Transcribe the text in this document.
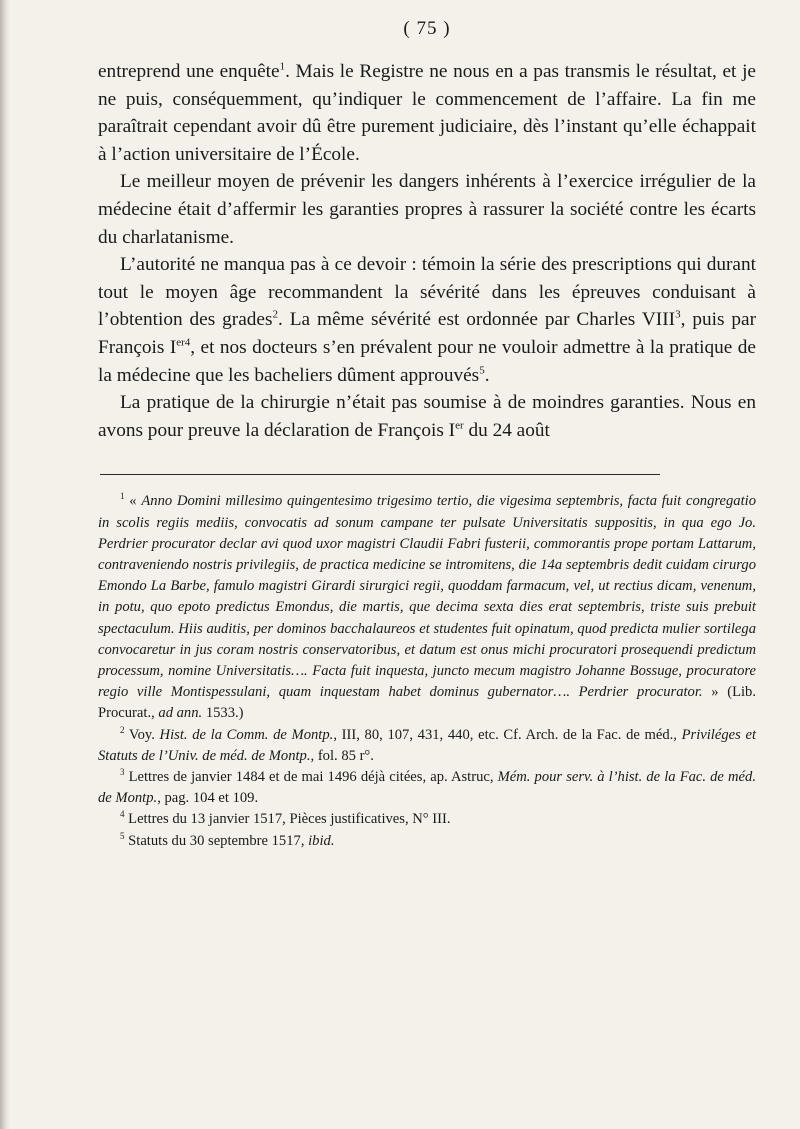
( 75 )

entreprend une enquête$^1$. Mais le Registre ne nous en a pas transmis le résultat, et je ne puis, conséquemment, qu’indiquer le commencement de l’affaire. La fin me paraîtrait cependant avoir dû être purement judiciaire, dès l’instant qu’elle échappait à l’action universitaire de l’École.

Le meilleur moyen de prévenir les dangers inhérents à l’exercice irrégulier de la médecine était d’affermir les garanties propres à rassurer la société contre les écarts du charlatanisme.

L’autorité ne manqua pas à ce devoir : témoin la série des prescriptions qui durant tout le moyen âge recommandent la sévérité dans les épreuves conduisant à l’obtention des grades$^2$. La même sévérité est ordonnée par Charles VIII$^3$, puis par François $I^{er4}$, et nos docteurs s’en prévalent pour ne vouloir admettre à la pratique de la médecine que les bacheliers dûment approuvés$^5$.

La pratique de la chirurgie n’était pas soumise à de moindres garanties. Nous en avons pour preuve la déclaration de François Ier du 24 août

$^1$ « Anno Domini millesimo quingentesimo trigesimo tertio, die vigesima septembris, facta fuit congregatio in scolis regiis mediis, convocatis ad sonum campane ter pulsate Universitatis suppositis, in qua ego Jo. Perdrier procurator declar avi quod uxor magistri Claudii Fabri fusterii, commorantis prope portam Lattarum, contraveniendo nostris privilegiis, de practica medicine se intromitens, die 14a septembris dedit cuidam cirurgo Emondo La Barbe, famulo magistri Girardi sirurgici regii, quoddam farmacum, vel, ut rectius dicam, venenum, in potu, quo epoto predictus Emondus, die martis, que decima sexta dies erat septembris, triste suis prebuit spectaculum. Hiis auditis, per dominos bacchalaureos et studentes fuit opinatum, quod predicta mulier sortilega convocaretur in jus coram nostris conservatoribus, et datum est onus michi procuratori prosequendi predictum processum, nomine Universitatis…. Facta fuit inquesta, juncto mecum magistro Johanne Bossuge, procuratore regio ville Montispessulani, quam inquestam habet dominus gubernator…. Perdrier procurator. » (Lib. Procurat., ad ann. 1533.)

$^2$ Voy. Hist. de la Comm. de Montp., III, 80, 107, 431, 440, etc. Cf. Arch. de la Fac. de méd., Priviléges et Statuts de l’Univ. de méd. de Montp., fol. 85 r°.

$^3$ Lettres de janvier 1484 et de mai 1496 déjà citées, ap. Astruc, Mém. pour serv. à l’hist. de la Fac. de méd. de Montp., pag. 104 et 109.

$^4$ Lettres du 13 janvier 1517, Pièces justificatives, N° III.

$^5$ Statuts du 30 septembre 1517, ibid.
